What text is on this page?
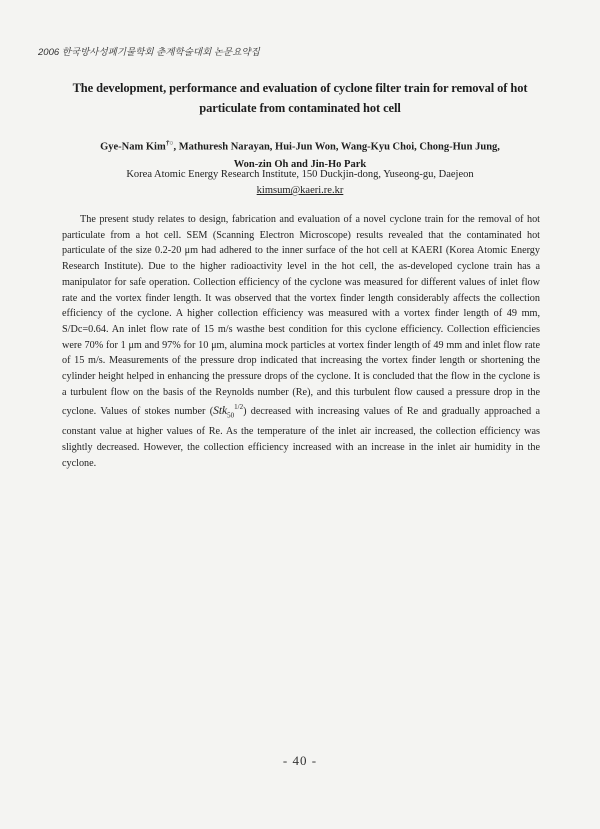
2006 한국방사성폐기물학회 춘계학술대회 논문요약집
The development, performance and evaluation of cyclone filter train for removal of hot
particulate from contaminated hot cell
Gye-Nam Kim†○, Mathuresh Narayan, Hui-Jun Won, Wang-Kyu Choi, Chong-Hun Jung,
Won-zin Oh and Jin-Ho Park
Korea Atomic Energy Research Institute, 150 Duckjin-dong, Yuseong-gu, Daejeon
kimsum@kaeri.re.kr

The present study relates to design, fabrication and evaluation of a novel cyclone train for the removal of hot particulate from a hot cell. SEM (Scanning Electron Microscope) results revealed that the contaminated hot particulate of the size 0.2-20 μm had adhered to the inner surface of the hot cell at KAERI (Korea Atomic Energy Research Institute). Due to the higher radioactivity level in the hot cell, the as-developed cyclone train has a manipulator for safe operation. Collection efficiency of the cyclone was measured for different values of inlet flow rate and the vortex finder length. It was observed that the vortex finder length considerably affects the collection efficiency of the cyclone. A higher collection efficiency was measured with a vortex finder length of 49 mm, S/Dc=0.64. An inlet flow rate of 15 m/s wasthe best condition for this cyclone efficiency. Collection efficiencies were 70% for 1 μm and 97% for 10 μm, alumina mock particles at vortex finder length of 49 mm and inlet flow rate of 15 m/s. Measurements of the pressure drop indicated that increasing the vortex finder length or shortening the cylinder height helped in enhancing the pressure drops of the cyclone. It is concluded that the flow in the cyclone is a turbulent flow on the basis of the Reynolds number (Re), and this turbulent flow caused a pressure drop in the cyclone. Values of stokes number (Stk$_{50}^{1/2}$) decreased with increasing values of Re and gradually approached a constant value at higher values of Re. As the temperature of the inlet air increased, the collection efficiency was slightly decreased. However, the collection efficiency increased with an increase in the inlet air humidity in the cyclone.

- 40 -
